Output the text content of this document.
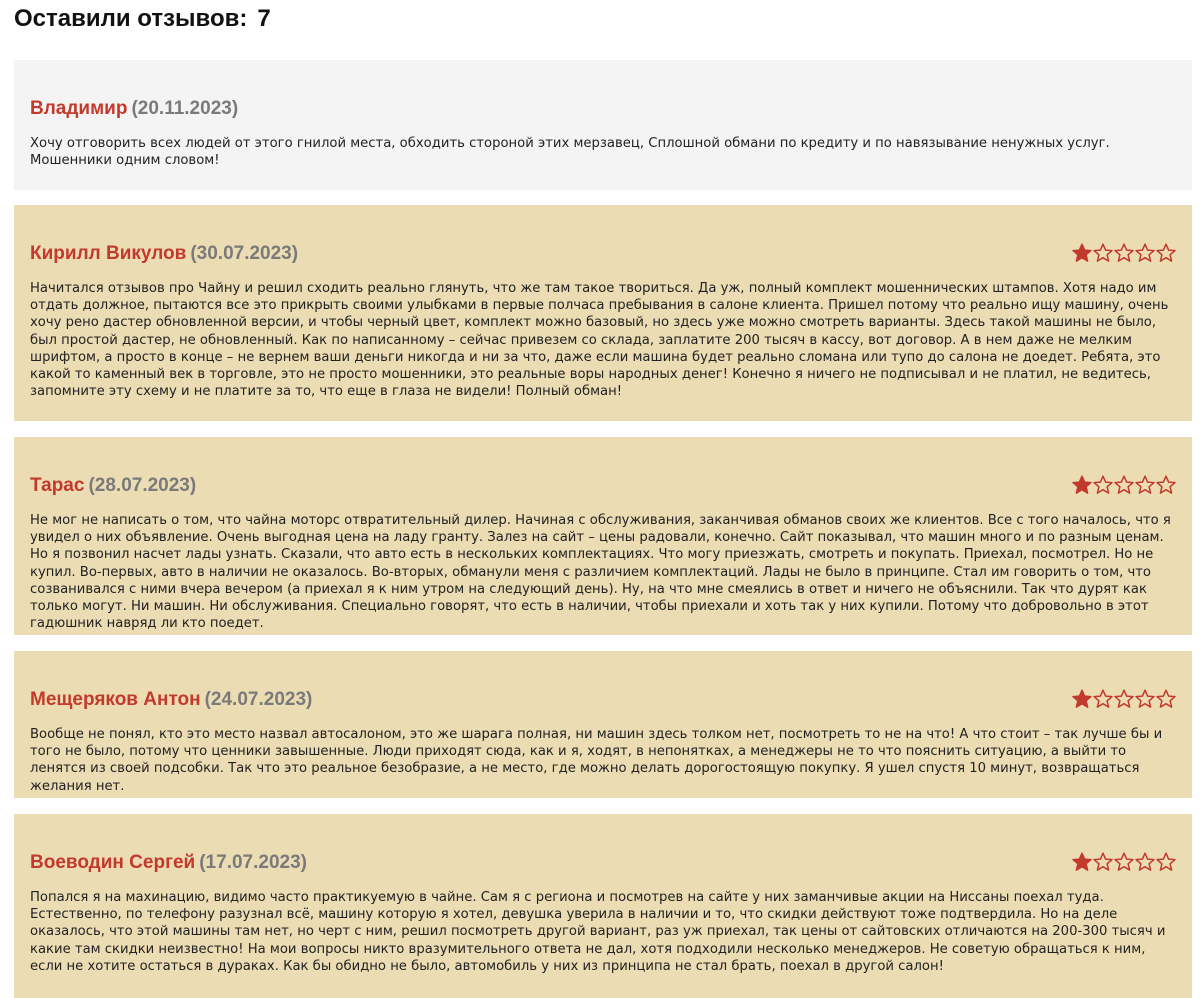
Оставили отзывов: 7
Владимир (20.11.2023)

Хочу отговорить всех людей от этого гнилой места, обходить стороной этих мерзавец, Сплошной обмани по кредиту и по навязывание ненужных услуг. Мошенники одним словом!

Кирилл Викулов (30.07.2023)

Начитался отзывов про Чайну и решил сходить реально глянуть, что же там такое твориться. Да уж, полный комплект мошеннических штампов. Хотя надо им отдать должное, пытаются все это прикрыть своими улыбками в первые полчаса пребывания в салоне клиента. Пришел потому что реально ищу машину, очень хочу рено дастер обновленной версии, и чтобы черный цвет, комплект можно базовый, но здесь уже можно смотреть варианты. Здесь такой машины не было, был простой дастер, не обновленный. Как по написанному – сейчас привезем со склада, заплатите 200 тысяч в кассу, вот договор. А в нем даже не мелким шрифтом, а просто в конце – не вернем ваши деньги никогда и ни за что, даже если машина будет реально сломана или тупо до салона не доедет. Ребята, это какой то каменный век в торговле, это не просто мошенники, это реальные воры народных денег! Конечно я ничего не подписывал и не платил, не ведитесь, запомните эту схему и не платите за то, что еще в глаза не видели! Полный обман!

Тарас (28.07.2023)

Не мог не написать о том, что чайна моторс отвратительный дилер. Начиная с обслуживания, заканчивая обманов своих же клиентов. Все с того началось, что я увидел о них объявление. Очень выгодная цена на ладу гранту. Залез на сайт – цены радовали, конечно. Сайт показывал, что машин много и по разным ценам. Но я позвонил насчет лады узнать. Сказали, что авто есть в нескольких комплектациях. Что могу приезжать, смотреть и покупать. Приехал, посмотрел. Но не купил. Во-первых, авто в наличии не оказалось. Во-вторых, обманули меня с различием комплектаций. Лады не было в принципе. Стал им говорить о том, что созванивался с ними вчера вечером (а приехал я к ним утром на следующий день). Ну, на что мне смеялись в ответ и ничего не объяснили. Так что дурят как только могут. Ни машин. Ни обслуживания. Специально говорят, что есть в наличии, чтобы приехали и хоть так у них купили. Потому что добровольно в этот гадюшник навряд ли кто поедет.

Мещеряков Антон (24.07.2023)

Вообще не понял, кто это место назвал автосалоном, это же шарага полная, ни машин здесь толком нет, посмотреть то не на что! А что стоит – так лучше бы и того не было, потому что ценники завышенные. Люди приходят сюда, как и я, ходят, в непонятках, а менеджеры не то что пояснить ситуацию, а выйти то ленятся из своей подсобки. Так что это реальное безобразие, а не место, где можно делать дорогостоящую покупку. Я ушел спустя 10 минут, возвращаться желания нет.

Воеводин Сергей (17.07.2023)

Попался я на махинацию, видимо часто практикуемую в чайне. Сам я с региона и посмотрев на сайте у них заманчивые акции на Ниссаны поехал туда. Естественно, по телефону разузнал всё, машину которую я хотел, девушка уверила в наличии и то, что скидки действуют тоже подтвердила. Но на деле оказалось, что этой машины там нет, но черт с ним, решил посмотреть другой вариант, раз уж приехал, так цены от сайтовских отличаются на 200-300 тысяч и какие там скидки неизвестно! На мои вопросы никто вразумительного ответа не дал, хотя подходили несколько менеджеров. Не советую обращаться к ним, если не хотите остаться в дураках. Как бы обидно не было, автомобиль у них из принципа не стал брать, поехал в другой салон!
